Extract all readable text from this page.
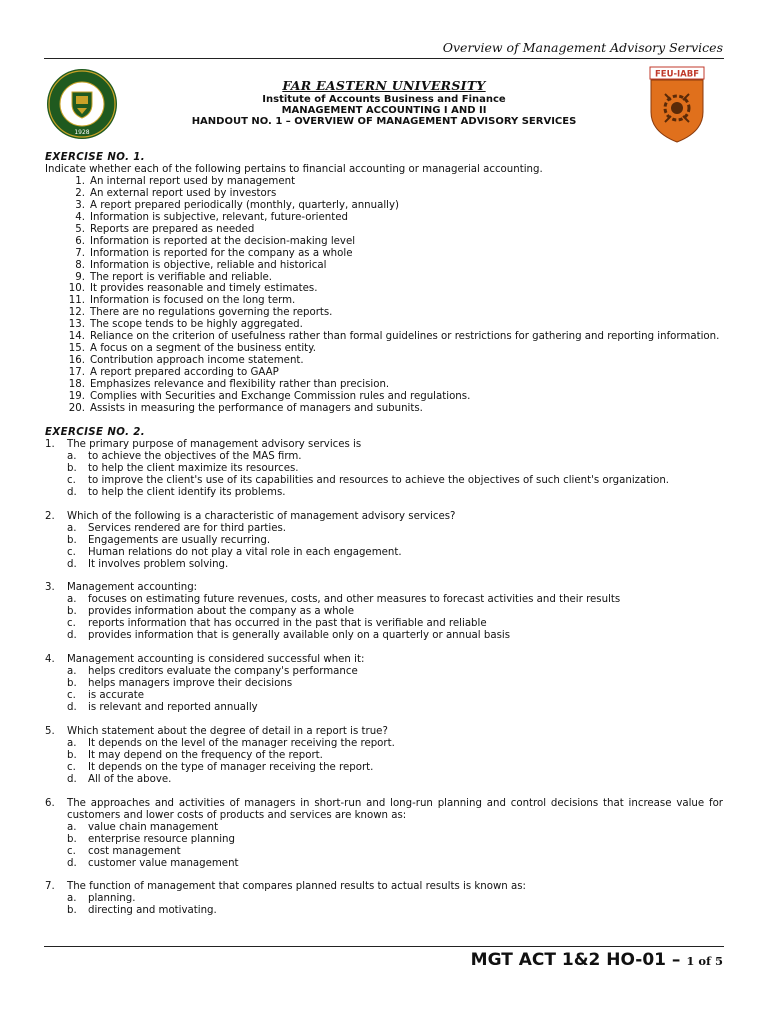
Overview of Management Advisory Services
1928
FEU-IABF
FAR EASTERN UNIVERSITY
Institute of Accounts Business and Finance
MANAGEMENT ACCOUNTING I AND II
HANDOUT NO. 1 – OVERVIEW OF MANAGEMENT ADVISORY SERVICES
EXERCISE NO. 1.
Indicate whether each of the following pertains to financial accounting or managerial accounting.
1. An internal report used by management
2. An external report used by investors
3. A report prepared periodically (monthly, quarterly, annually)
4. Information is subjective, relevant, future-oriented
5. Reports are prepared as needed
6. Information is reported at the decision-making level
7. Information is reported for the company as a whole
8. Information is objective, reliable and historical
9. The report is verifiable and reliable.
10. It provides reasonable and timely estimates.
11. Information is focused on the long term.
12. There are no regulations governing the reports.
13. The scope tends to be highly aggregated.
14. Reliance on the criterion of usefulness rather than formal guidelines or restrictions for gathering and reporting information.
15. A focus on a segment of the business entity.
16. Contribution approach income statement.
17. A report prepared according to GAAP
18. Emphasizes relevance and flexibility rather than precision.
19. Complies with Securities and Exchange Commission rules and regulations.
20. Assists in measuring the performance of managers and subunits.
EXERCISE NO. 2.
1.	The primary purpose of management advisory services is
a.	to achieve the objectives of the MAS firm.
b.	to help the client maximize its resources.
c.	to improve the client's use of its capabilities and resources to achieve the objectives of such client's organization.
d.	to help the client identify its problems.
2.	Which of the following is a characteristic of management advisory services?
a.	Services rendered are for third parties.
b.	Engagements are usually recurring.
c.	Human relations do not play a vital role in each engagement.
d.	It involves problem solving.
3.	Management accounting:
a.	focuses on estimating future revenues, costs, and other measures to forecast activities and their results
b.	provides information about the company as a whole
c.	reports information that has occurred in the past that is verifiable and reliable
d.	provides information that is generally available only on a quarterly or annual basis
4.	Management accounting is considered successful when it:
a.	helps creditors evaluate the company's performance
b.	helps managers improve their decisions
c.	is accurate
d.	is relevant and reported annually
5.	Which statement about the degree of detail in a report is true?
a.	It depends on the level of the manager receiving the report.
b.	It may depend on the frequency of the report.
c.	It depends on the type of manager receiving the report.
d.	All of the above.
6.	The approaches and activities of managers in short-run and long-run planning and control decisions that increase value for customers and lower costs of products and services are known as:
a.	value chain management
b.	enterprise resource planning
c.	cost management
d.	customer value management
7.	The function of management that compares planned results to actual results is known as:
a.	planning.
b.	directing and motivating.
MGT ACT 1&2 HO-01 – 1 of 5
